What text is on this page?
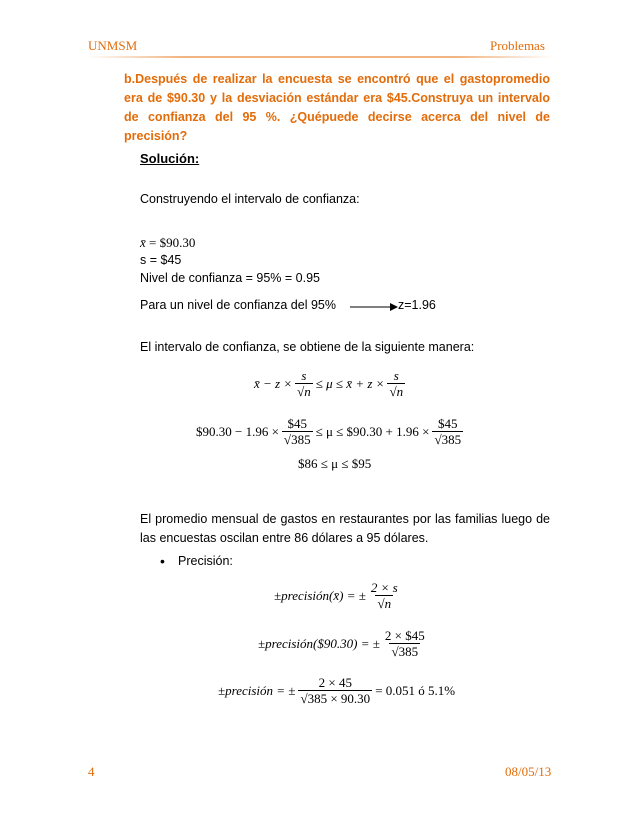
UNMSM	Problemas
b.Después de realizar la encuesta se encontró que el gastopromedio
era de $90.30 y la desviación estándar era $45.Construya un intervalo
de confianza del 95 %. ¿Quépuede decirse acerca del nivel de
precisión?
Solución:
Construyendo el intervalo de confianza:
x̄ = $90.30
s = $45
Nivel de confianza = 95% = 0.95
Para un nivel de confianza del 95%	z=1.96
El intervalo de confianza, se obtiene de la siguiente manera:
x̄ − $z \times \frac{s}{√n} \le \mu$ ≤ x̄ + $z \times \frac{s}{√n}$
$90.30 − $1.96 \times \frac{\$45}{√385} \le \mu$ ≤ $90.30 + $1.96 \times \frac{\$45}{√385}$
$86 ≤ μ ≤ $95
El promedio mensual de gastos en restaurantes por las familias luego de
las encuestas oscilan entre 86 dólares a 95 dólares.
• Precisión:
±precisión(x̄) = ± $\frac{2 \times s}{√n}$
±precisión($90.30) = ± $\frac{2 \times \$45}{√385}$
±precisión = ± $\frac{2 \times 45}{√385 \times 90.30} = 0.051$ ó 5.1%
4	08/05/13
